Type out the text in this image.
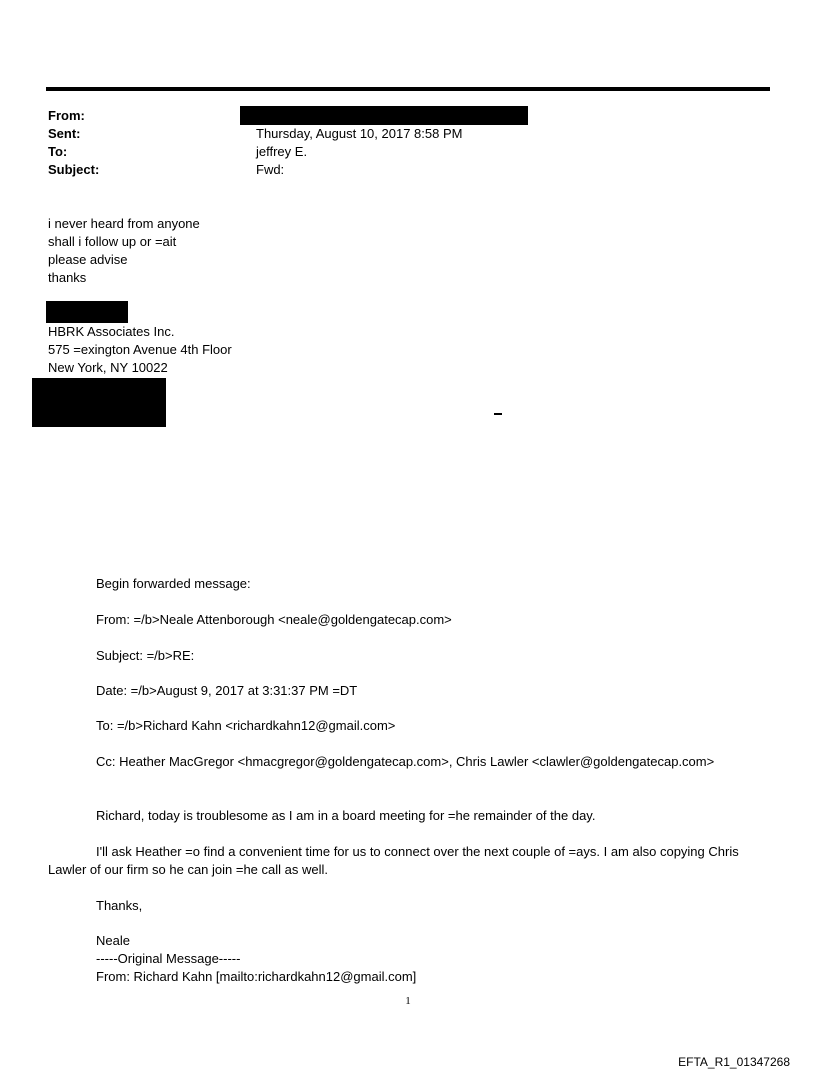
From:
Sent:	Thursday, August 10, 2017 8:58 PM
To:	jeffrey E.
Subject:	Fwd:
i never heard from anyone
shall i follow up or =ait
please advise
thanks
HBRK Associates Inc.
575 =exington Avenue 4th Floor
New York, NY 10022
Begin forwarded message:
From: =/b>Neale Attenborough <neale@goldengatecap.com>
Subject: =/b>RE:
Date: =/b>August 9, 2017 at 3:31:37 PM =DT
To: =/b>Richard Kahn <richardkahn12@gmail.com>
Cc: Heather MacGregor <hmacgregor@goldengatecap.com>, Chris Lawler <clawler@goldengatecap.com>
Richard, today is troublesome as I am in a board meeting for =he remainder of the day.
I'll ask Heather =o find a convenient time for us to connect over the next couple of =ays. I am also copying Chris
Lawler of our firm so he can join =he call as well.
Thanks,
Neale
-----Original Message-----
From: Richard Kahn [mailto:richardkahn12@gmail.com]
1
EFTA_R1_01347268
